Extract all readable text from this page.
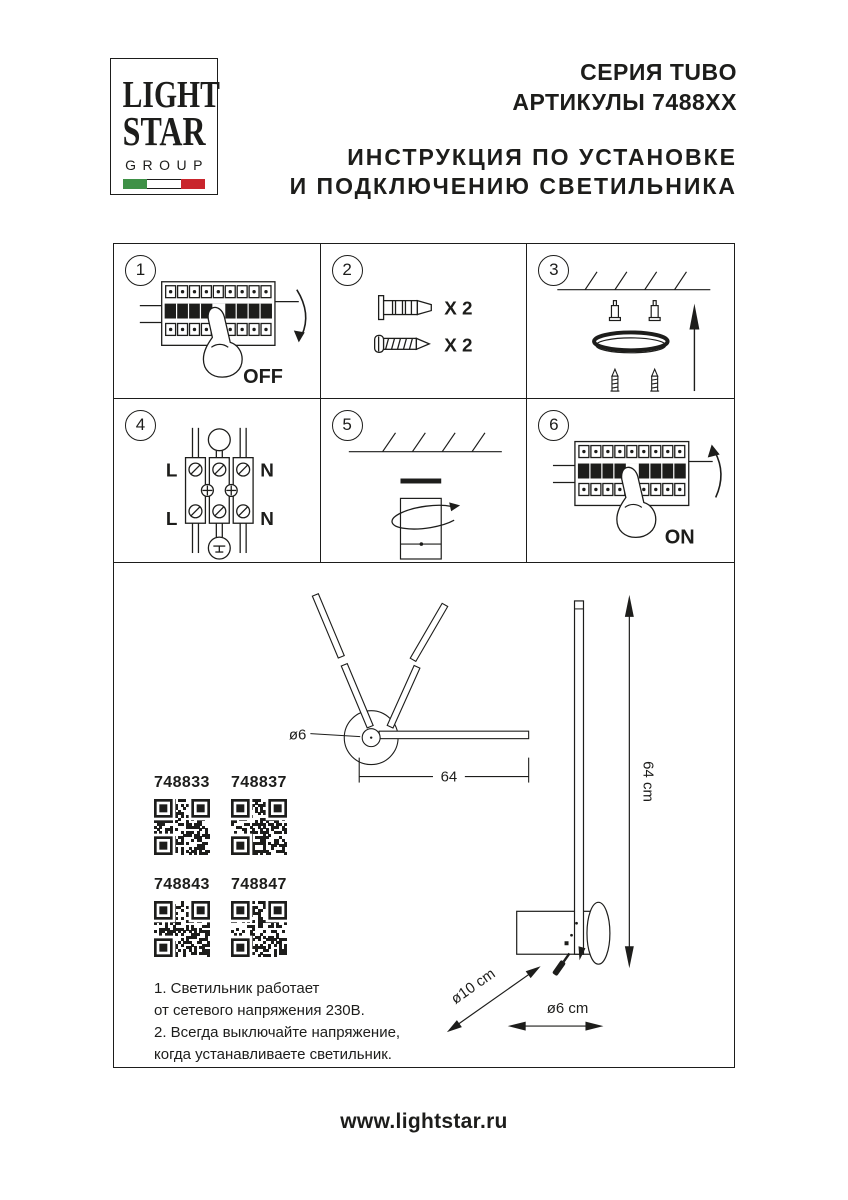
LIGHT
STAR
GROUP
СЕРИЯ TUBO
АРТИКУЛЫ 7488XX
ИНСТРУКЦИЯ ПО УСТАНОВКЕ
И ПОДКЛЮЧЕНИЮ СВЕТИЛЬНИКА
1
OFF
2
X 2
X 2
3
4
L	N
L	N
5	6
ON
ø6
64	64 cm
ø10 cm
ø6 cm
748833	748837
748843	748847
1. Светильник работает
от сетевого напряжения 230В.
2. Всегда выключайте напряжение,
когда устанавливаете светильник.
www.lightstar.ru
